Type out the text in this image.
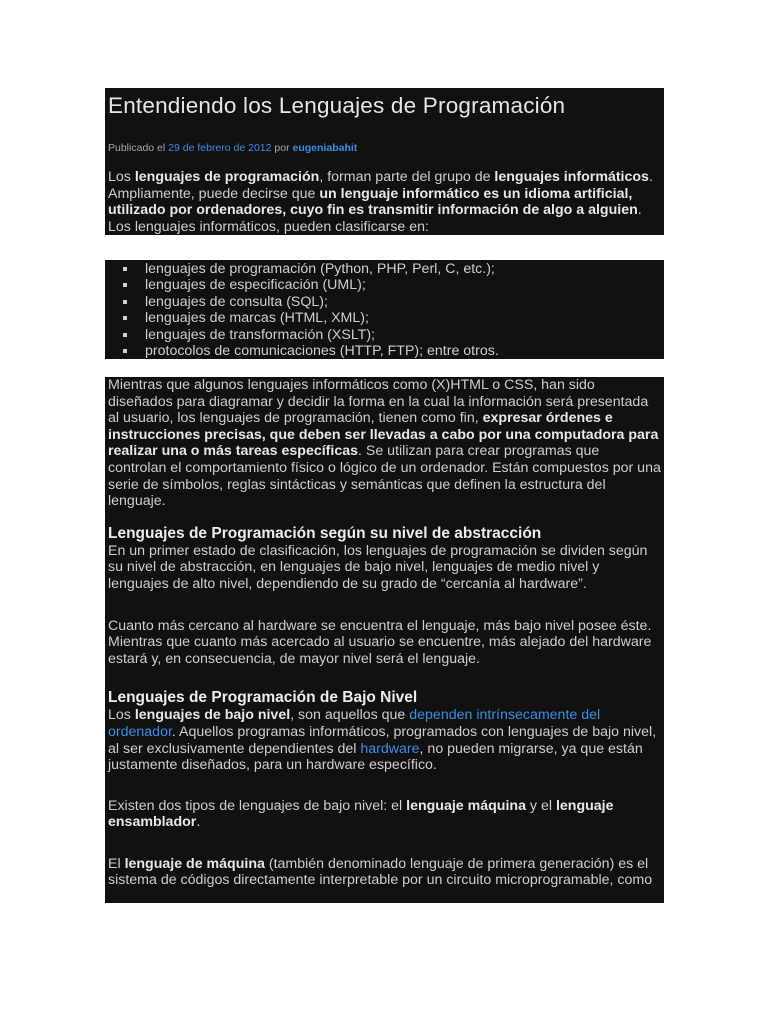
Entendiendo los Lenguajes de Programación
Publicado el 29 de febrero de 2012 por eugeniabahit

Los lenguajes de programación, forman parte del grupo de lenguajes informáticos. Ampliamente, puede decirse que un lenguaje informático es un idioma artificial, utilizado por ordenadores, cuyo fin es transmitir información de algo a alguien. Los lenguajes informáticos, pueden clasificarse en:

lenguajes de programación (Python, PHP, Perl, C, etc.);
lenguajes de especificación (UML);
lenguajes de consulta (SQL);
lenguajes de marcas (HTML, XML);
lenguajes de transformación (XSLT);
protocolos de comunicaciones (HTTP, FTP); entre otros.

Mientras que algunos lenguajes informáticos como (X)HTML o CSS, han sido diseñados para diagramar y decidir la forma en la cual la información será presentada al usuario, los lenguajes de programación, tienen como fin, expresar órdenes e instrucciones precisas, que deben ser llevadas a cabo por una computadora para realizar una o más tareas específicas. Se utilizan para crear programas que controlan el comportamiento físico o lógico de un ordenador. Están compuestos por una serie de símbolos, reglas sintácticas y semánticas que definen la estructura del lenguaje.

Lenguajes de Programación según su nivel de abstracción

En un primer estado de clasificación, los lenguajes de programación se dividen según su nivel de abstracción, en lenguajes de bajo nivel, lenguajes de medio nivel y lenguajes de alto nivel, dependiendo de su grado de “cercanía al hardware”.

Cuanto más cercano al hardware se encuentra el lenguaje, más bajo nivel posee éste. Mientras que cuanto más acercado al usuario se encuentre, más alejado del hardware estará y, en consecuencia, de mayor nivel será el lenguaje.

Lenguajes de Programación de Bajo Nivel

Los lenguajes de bajo nivel, son aquellos que dependen intrínsecamente del ordenador. Aquellos programas informáticos, programados con lenguajes de bajo nivel, al ser exclusivamente dependientes del hardware, no pueden migrarse, ya que están justamente diseñados, para un hardware específico.

Existen dos tipos de lenguajes de bajo nivel: el lenguaje máquina y el lenguaje ensamblador.

El lenguaje de máquina (también denominado lenguaje de primera generación) es el sistema de códigos directamente interpretable por un circuito microprogramable, como
